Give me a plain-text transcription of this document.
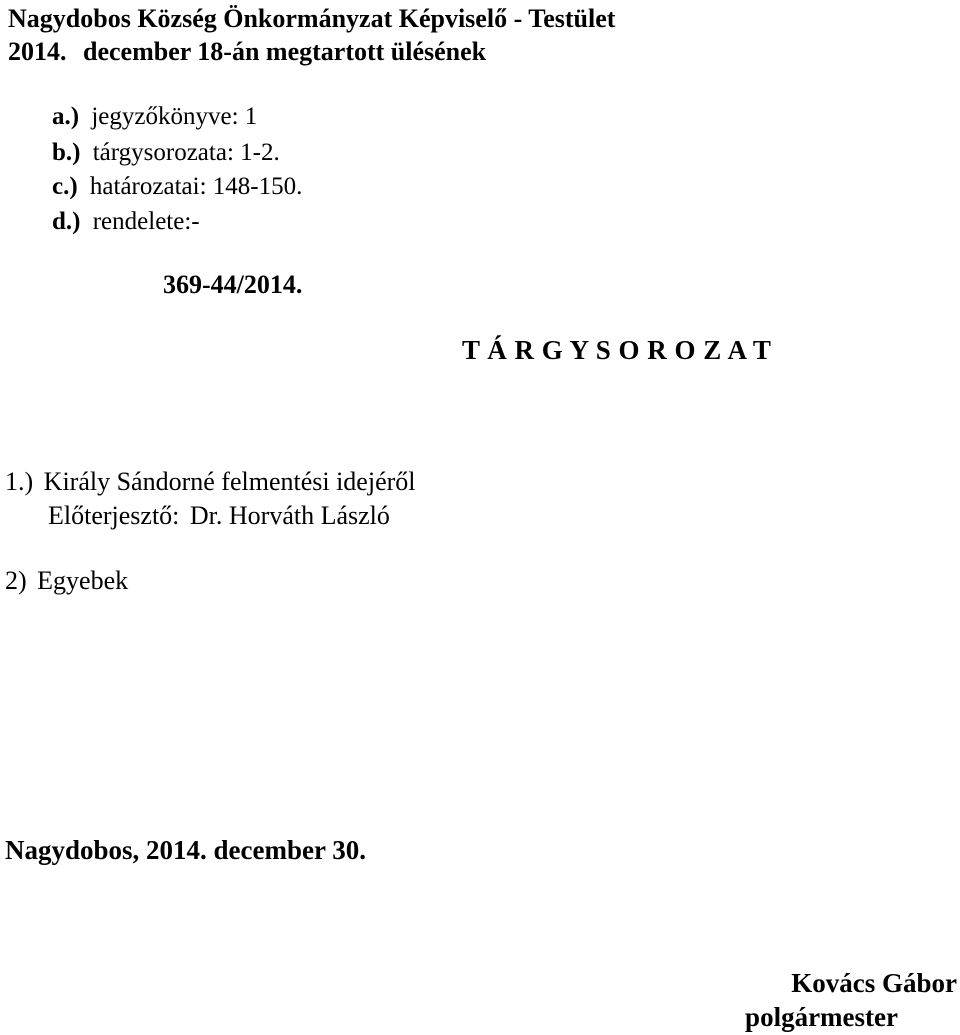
Nagydobos Község Önkormányzat Képviselő - Testület
2014. december 18-án megtartott ülésének
a.) jegyzőkönyve: 1
b.) tárgysorozata: 1-2.
c.) határozatai: 148-150.
d.) rendelete:-
369-44/2014.
T Á R G Y S O R O Z A T
1.) Király Sándorné felmentési idejéről
Előterjesztő: Dr. Horváth László
2) Egyebek
Nagydobos, 2014. december 30.
Kovács Gábor
polgármester
